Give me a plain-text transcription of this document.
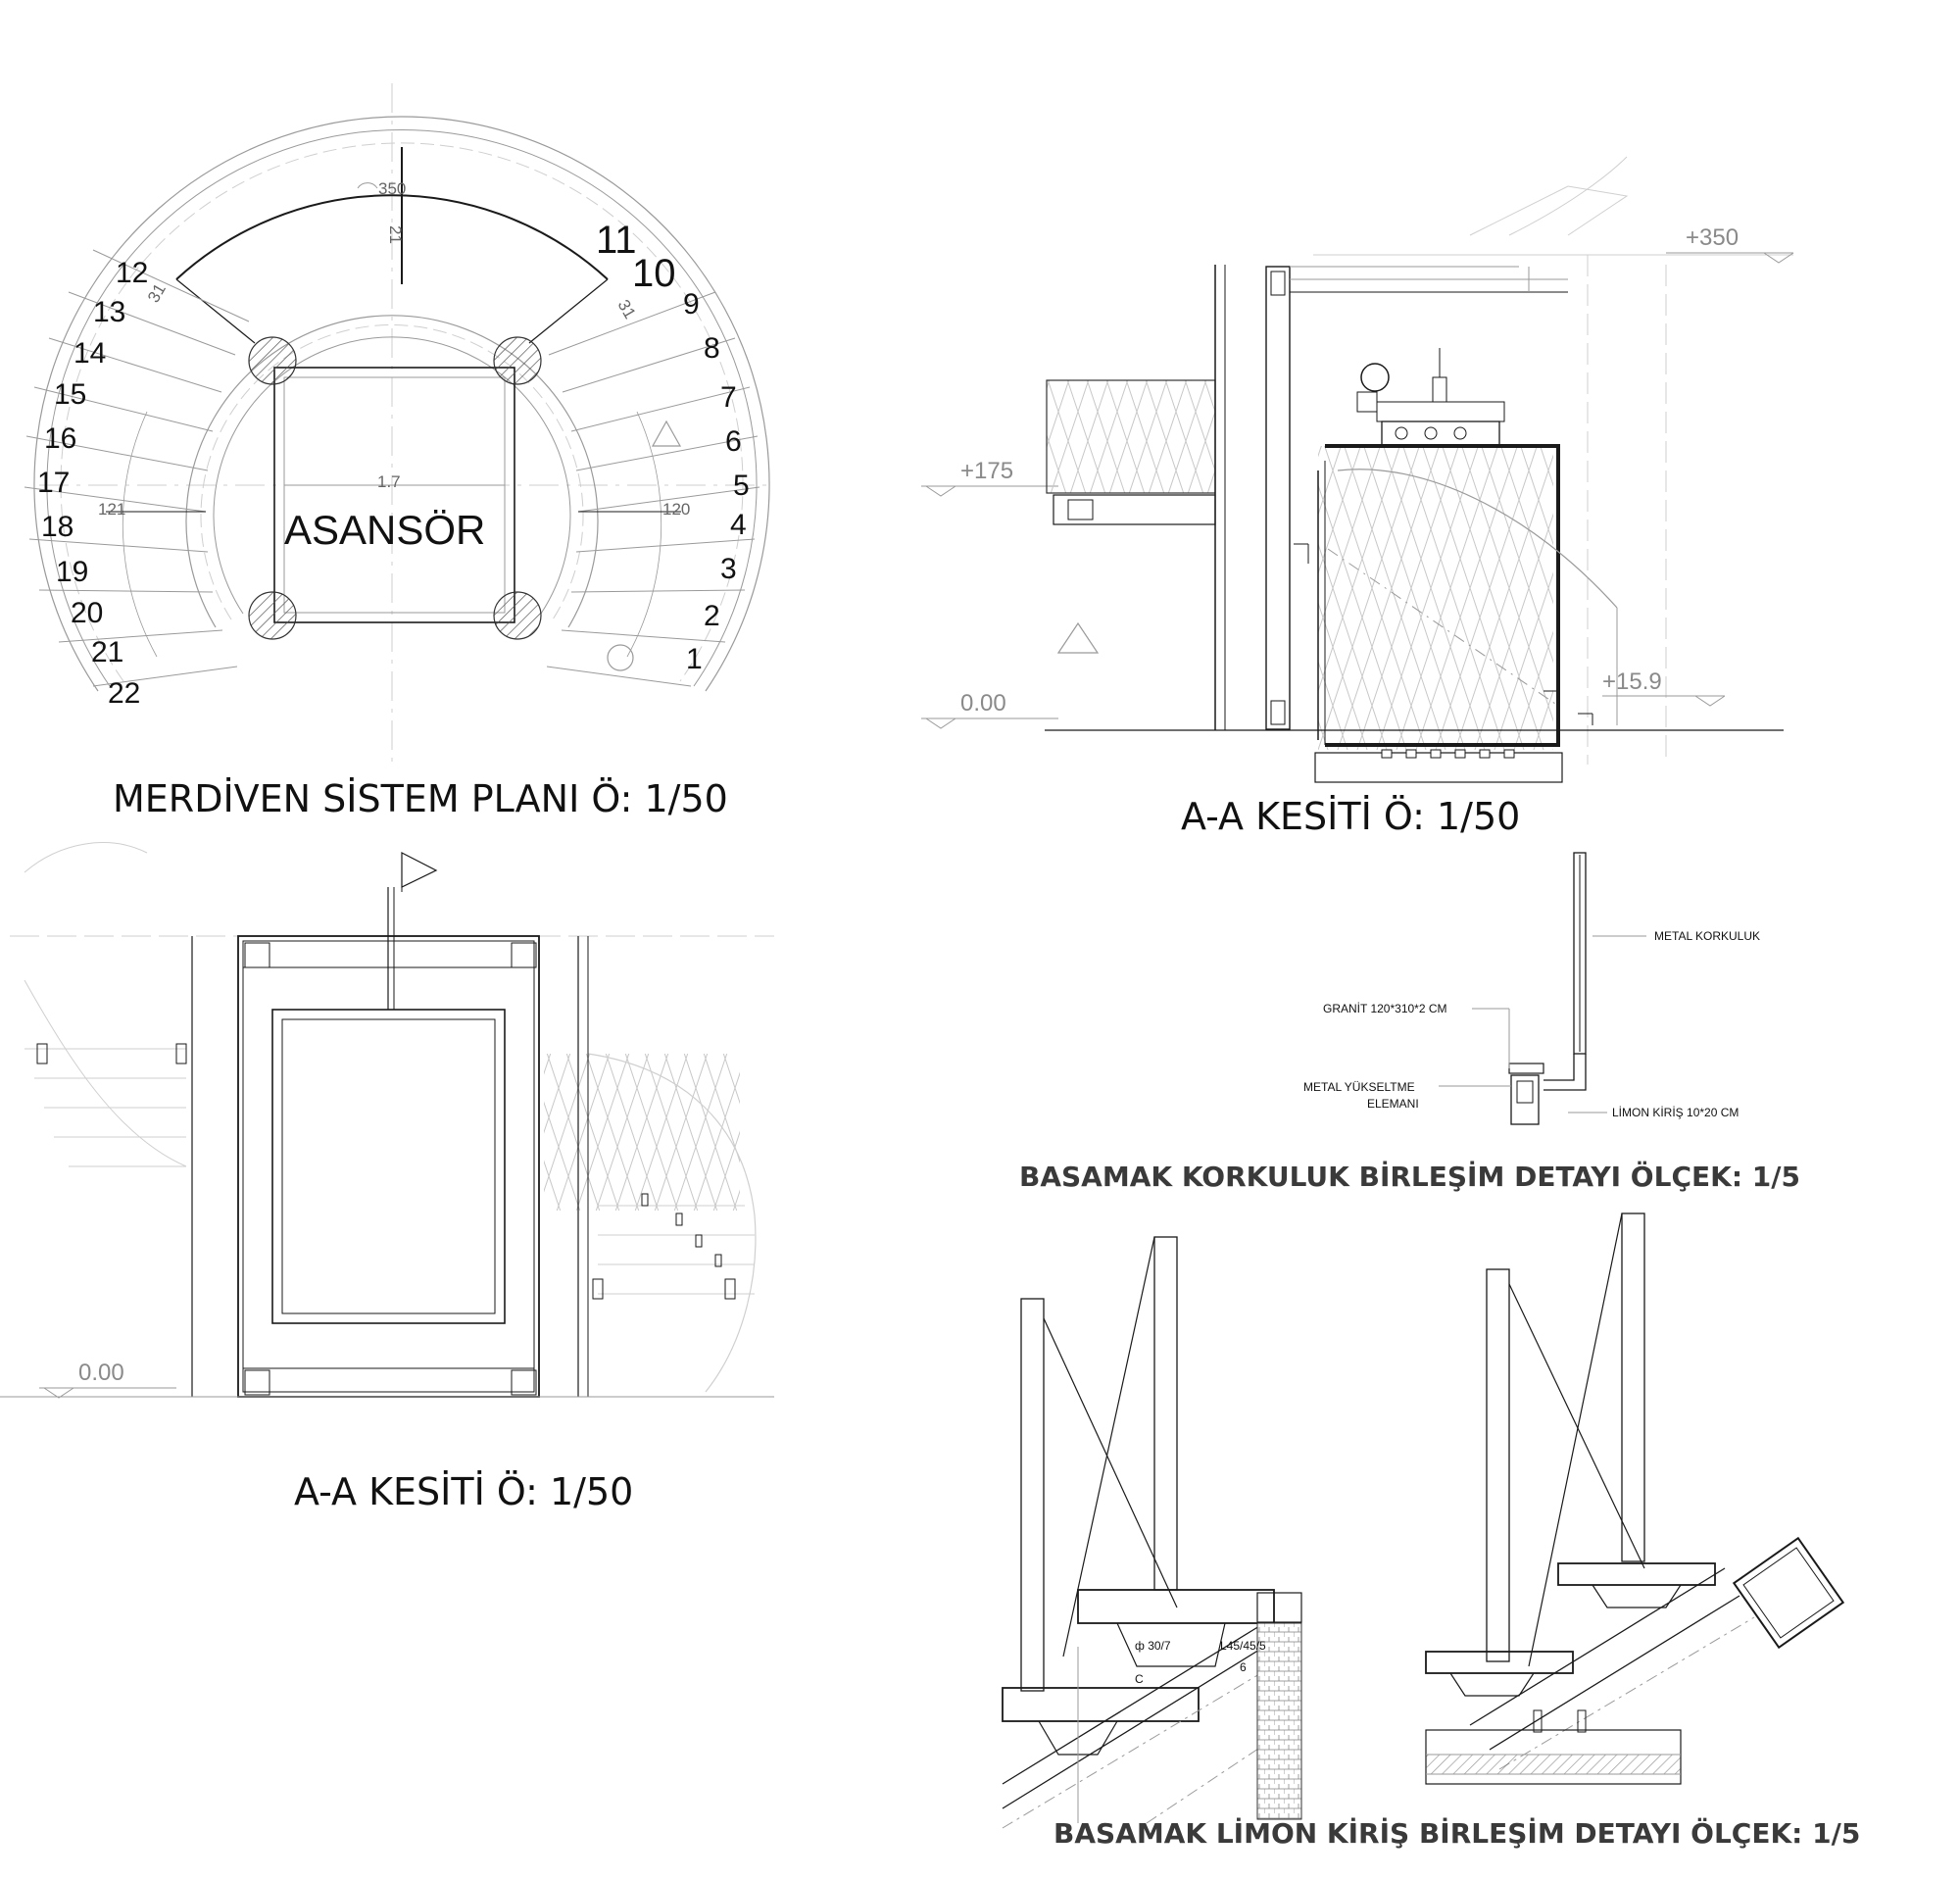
350
21
1.7
121	120
31
31
ASANSÖR
1
2
3
4
5
6
7
8
9
10
11
12
13
14
15
16
17
18
19
20
21
22
MERDİVEN SİSTEM PLANI Ö: 1/50
+350
+175
0.00
+15.9
A-A KESİTİ Ö: 1/50
0.00
A-A KESİTİ Ö: 1/50
METAL KORKULUK
GRANİT 120*310*2 CM
METAL YÜKSELTME
ELEMANI
LİMON KİRİŞ 10*20 CM
BASAMAK KORKULUK BİRLEŞİM DETAYI ÖLÇEK: 1/5
ф 30/7	L45/45/5
C
6
BASAMAK LİMON KİRİŞ BİRLEŞİM DETAYI ÖLÇEK: 1/5
